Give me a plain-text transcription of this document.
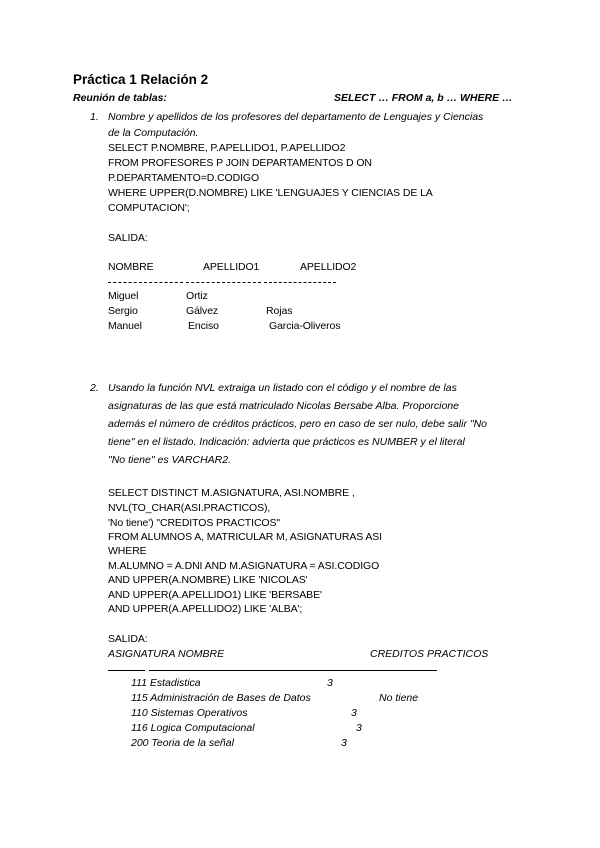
Práctica 1 Relación 2
Reunión de tablas:	SELECT … FROM a, b … WHERE …
1. Nombre y apellidos de los profesores del departamento de Lenguajes y Ciencias
de la Computación.
SELECT P.NOMBRE, P.APELLIDO1, P.APELLIDO2
FROM PROFESORES P JOIN DEPARTAMENTOS D ON
P.DEPARTAMENTO=D.CODIGO
WHERE UPPER(D.NOMBRE) LIKE 'LENGUAJES Y CIENCIAS DE LA
COMPUTACION';
SALIDA:
NOMBRE	APELLIDO1	APELLIDO2
Miguel	Ortiz
Sergio	Gálvez	Rojas
Manuel	Enciso	Garcia-Oliveros
2. Usando la función NVL extraiga un listado con el código y el nombre de las
asignaturas de las que está matriculado Nicolas Bersabe Alba. Proporcione
además el número de créditos prácticos, pero en caso de ser nulo, debe salir "No
tiene" en el listado. Indicación: advierta que prácticos es NUMBER y el literal
"No tiene" es VARCHAR2.
SELECT DISTINCT M.ASIGNATURA, ASI.NOMBRE ,
NVL(TO_CHAR(ASI.PRACTICOS),
'No tiene') "CREDITOS PRACTICOS"
FROM ALUMNOS A, MATRICULAR M, ASIGNATURAS ASI
WHERE
M.ALUMNO = A.DNI AND M.ASIGNATURA = ASI.CODIGO
AND UPPER(A.NOMBRE) LIKE 'NICOLAS'
AND UPPER(A.APELLIDO1) LIKE 'BERSABE'
AND UPPER(A.APELLIDO2) LIKE 'ALBA';
SALIDA:
ASIGNATURA NOMBRE	CREDITOS PRACTICOS
111 Estadistica	3
115 Administración de Bases de Datos	No tiene
110 Sistemas Operativos	3
116 Logica Computacional	3
200 Teoria de la señal	3
